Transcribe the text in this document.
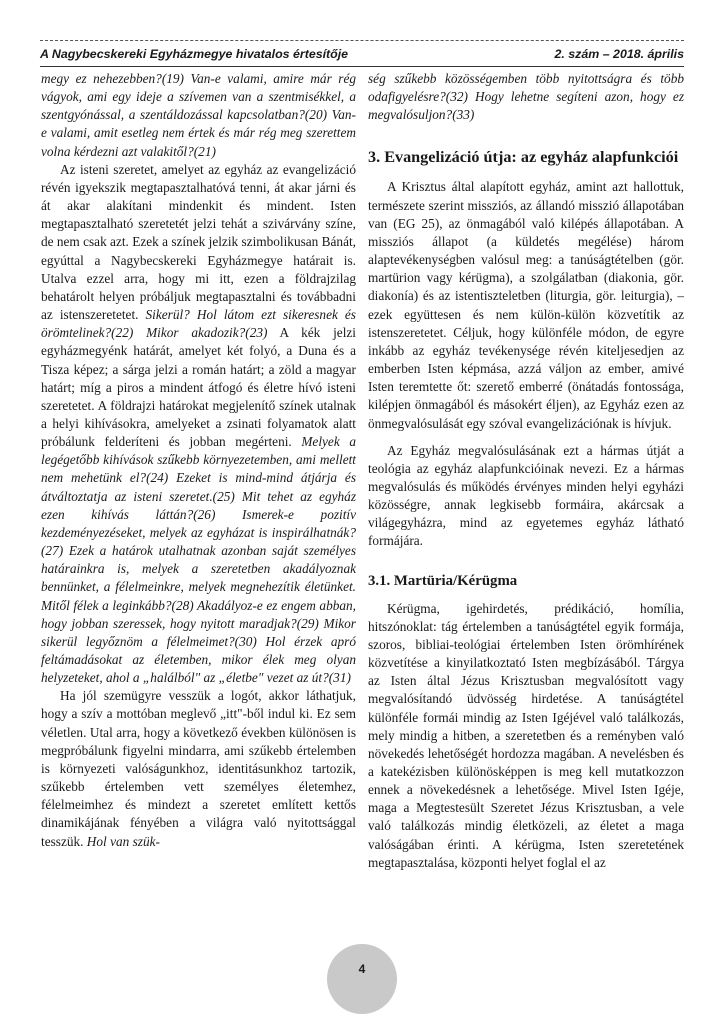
A Nagybecskereki Egyházmegye hivatalos értesítője	2. szám – 2018. április

megy ez nehezebben?(19) Van-e valami, amire már rég vágyok, ami egy ideje a szívemen van a szentmisékkel, a szentgyónással, a szentáldozással kapcsolatban?(20) Van-e valami, amit esetleg nem értek és már rég meg szerettem volna kérdezni azt valakitől?(21)

Az isteni szeretet, amelyet az egyház az evangelizáció révén igyekszik megtapasztalhatóvá tenni, át akar járni és át akar alakítani mindenkit és mindent. Isten megtapasztalható szeretetét jelzi tehát a szivárvány színe, de nem csak azt. Ezek a színek jelzik szimbolikusan Bánát, egyúttal a Nagybecskereki Egyházmegye határait is. Utalva ezzel arra, hogy mi itt, ezen a földrajzilag behatárolt helyen próbáljuk megtapasztalni és továbbadni az istenszeretetet. Sikerül? Hol látom ezt sikeresnek és örömtelinek?(22) Mikor akadozik?(23) A kék jelzi egyházmegyénk határát, amelyet két folyó, a Duna és a Tisza képez; a sárga jelzi a román határt; a zöld a magyar határt; míg a piros a mindent átfogó és életre hívó isteni szeretetet. A földrajzi határokat megjelenítő színek utalnak a helyi kihívásokra, amelyeket a zsinati folyamatok alatt próbálunk felderíteni és jobban megérteni. Melyek a legégetőbb kihívások szűkebb környezetemben, ami mellett nem mehetünk el?(24) Ezeket is mind-mind átjárja és átváltoztatja az isteni szeretet.(25) Mit tehet az egyház ezen kihívás láttán?(26) Ismerek-e pozitív kezdeményezéseket, melyek az egyházat is inspirálhatnák?(27) Ezek a határok utalhatnak azonban saját személyes határainkra is, melyek a szeretetben akadályoznak bennünket, a félelmeinkre, melyek megnehezítik életünket. Mitől félek a leginkább?(28) Akadályoz-e ez engem abban, hogy jobban szeressek, hogy nyitott maradjak?(29) Mikor sikerül legyőznöm a félelmeimet?(30) Hol érzek apró feltámadásokat az életemben, mikor élek meg olyan helyzeteket, ahol a „halálból" az „életbe" vezet az út?(31)

Ha jól szemügyre vesszük a logót, akkor láthatjuk, hogy a szív a mottóban meglevő „itt"-ből indul ki. Ez sem véletlen. Utal arra, hogy a következő években különösen is megpróbálunk figyelni mindarra, ami szűkebb értelemben is környezeti valóságunkhoz, identitásunkhoz tartozik, szűkebb értelemben vett személyes életemhez, félelmeimhez és mindezt a szeretet említett kettős dinamikájának fényében a világra való nyitottsággal tesszük. Hol van szük-

ség szűkebb közösségemben több nyitottságra és több odafigyelésre?(32) Hogy lehetne segíteni azon, hogy ez megvalósuljon?(33)

3. Evangelizáció útja: az egyház alapfunkciói

A Krisztus által alapított egyház, amint azt hallottuk, természete szerint missziós, az állandó misszió állapotában van (EG 25), az önmagából való kilépés állapotában. A missziós állapot (a küldetés megélése) három alaptevékenységben valósul meg: a tanúságtételben (gör. martürion vagy kérügma), a szolgálatban (diakonia, gör. diakonía) és az istentiszteletben (liturgia, gör. leiturgia), – ezek együttesen és nem külön-külön közvetítik az istenszeretetet. Céljuk, hogy különféle módon, de egyre inkább az egyház tevékenysége révén kiteljesedjen az emberben Isten képmása, azzá váljon az ember, amivé Isten teremtette őt: szerető emberré (önátadás fontossága, kilépjen önmagából és másokért éljen), az Egyház ezen az önmegvalósulását egy szóval evangelizációnak is hívjuk.

Az Egyház megvalósulásának ezt a hármas útját a teológia az egyház alapfunkcióinak nevezi. Ez a hármas megvalósulás és működés érvényes minden helyi egyházi közösségre, annak legkisebb formáira, akárcsak a világegyházra, mind az egyetemes egyház látható formájára.

3.1. Martüria/Kérügma

Kérügma, igehirdetés, prédikáció, homília, hitszónoklat: tág értelemben a tanúságtétel egyik formája, szoros, bibliai-teológiai értelemben Isten örömhírének közvetítése a kinyilatkoztató Isten megbízásából. Tárgya az Isten által Jézus Krisztusban megvalósított vagy megvalósítandó üdvösség hirdetése. A tanúságtétel különféle formái mindig az Isten Igéjével való találkozás, mely mindig a hitben, a szeretetben és a reményben való növekedés lehetőségét hordozza magában. A nevelésben és a katekézisben különösképpen is meg kell mutatkozzon ennek a növekedésnek a lehetősége. Mivel Isten Igéje, maga a Megtestesült Szeretet Jézus Krisztusban, a vele való találkozás mindig életközeli, az életet a maga valóságában érinti. A kérügma, Isten szeretetének megtapasztalása, központi helyet foglal el az

4
